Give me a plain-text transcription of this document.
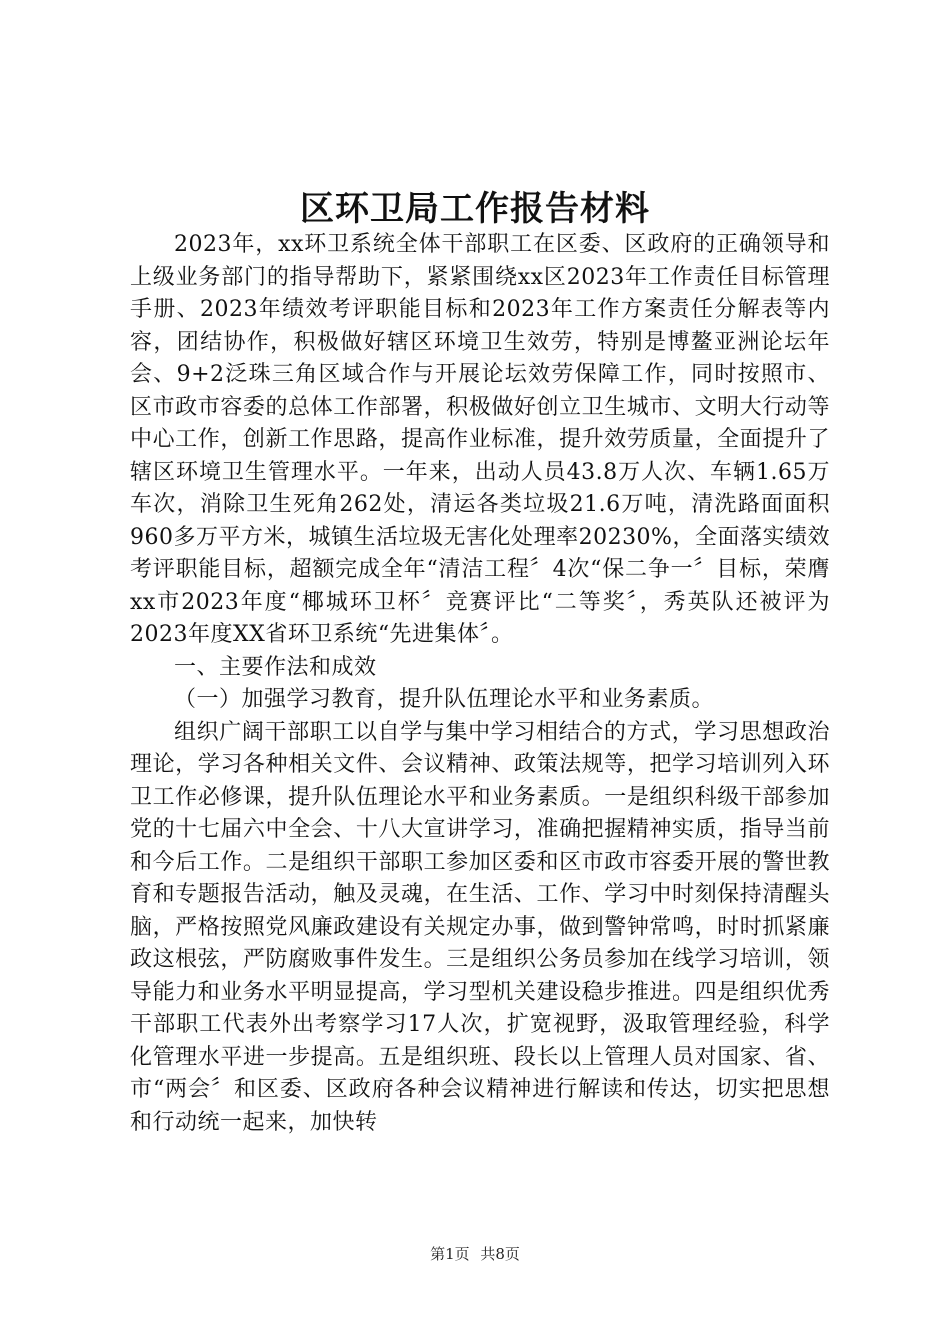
区环卫局工作报告材料

2023年，xx环卫系统全体干部职工在区委、区政府的正确领导和上级业务部门的指导帮助下，紧紧围绕xx区2023年工作责任目标管理手册、2023年绩效考评职能目标和2023年工作方案责任分解表等内容，团结协作，积极做好辖区环境卫生效劳，特别是博鳌亚洲论坛年会、9+2泛珠三角区域合作与开展论坛效劳保障工作，同时按照市、区市政市容委的总体工作部署，积极做好创立卫生城市、文明大行动等中心工作，创新工作思路，提高作业标准，提升效劳质量，全面提升了辖区环境卫生管理水平。一年来，出动人员43.8万人次、车辆1.65万车次，消除卫生死角262处，清运各类垃圾21.6万吨，清洗路面面积960多万平方米，城镇生活垃圾无害化处理率20230%，全面落实绩效考评职能目标，超额完成全年“清洁工程〞4次“保二争一〞目标，荣膺xx市2023年度“椰城环卫杯〞竞赛评比“二等奖〞，秀英队还被评为2023年度XX省环卫系统“先进集体〞。

一、主要作法和成效

（一）加强学习教育，提升队伍理论水平和业务素质。

组织广阔干部职工以自学与集中学习相结合的方式，学习思想政治理论，学习各种相关文件、会议精神、政策法规等，把学习培训列入环卫工作必修课，提升队伍理论水平和业务素质。一是组织科级干部参加党的十七届六中全会、十八大宣讲学习，准确把握精神实质，指导当前和今后工作。二是组织干部职工参加区委和区市政市容委开展的警世教育和专题报告活动，触及灵魂，在生活、工作、学习中时刻保持清醒头脑，严格按照党风廉政建设有关规定办事，做到警钟常鸣，时时抓紧廉政这根弦，严防腐败事件发生。三是组织公务员参加在线学习培训，领导能力和业务水平明显提高，学习型机关建设稳步推进。四是组织优秀干部职工代表外出考察学习17人次，扩宽视野，汲取管理经验，科学化管理水平进一步提高。五是组织班、段长以上管理人员对国家、省、市“两会〞和区委、区政府各种会议精神进行解读和传达，切实把思想和行动统一起来，加快转

第1页 共8页
